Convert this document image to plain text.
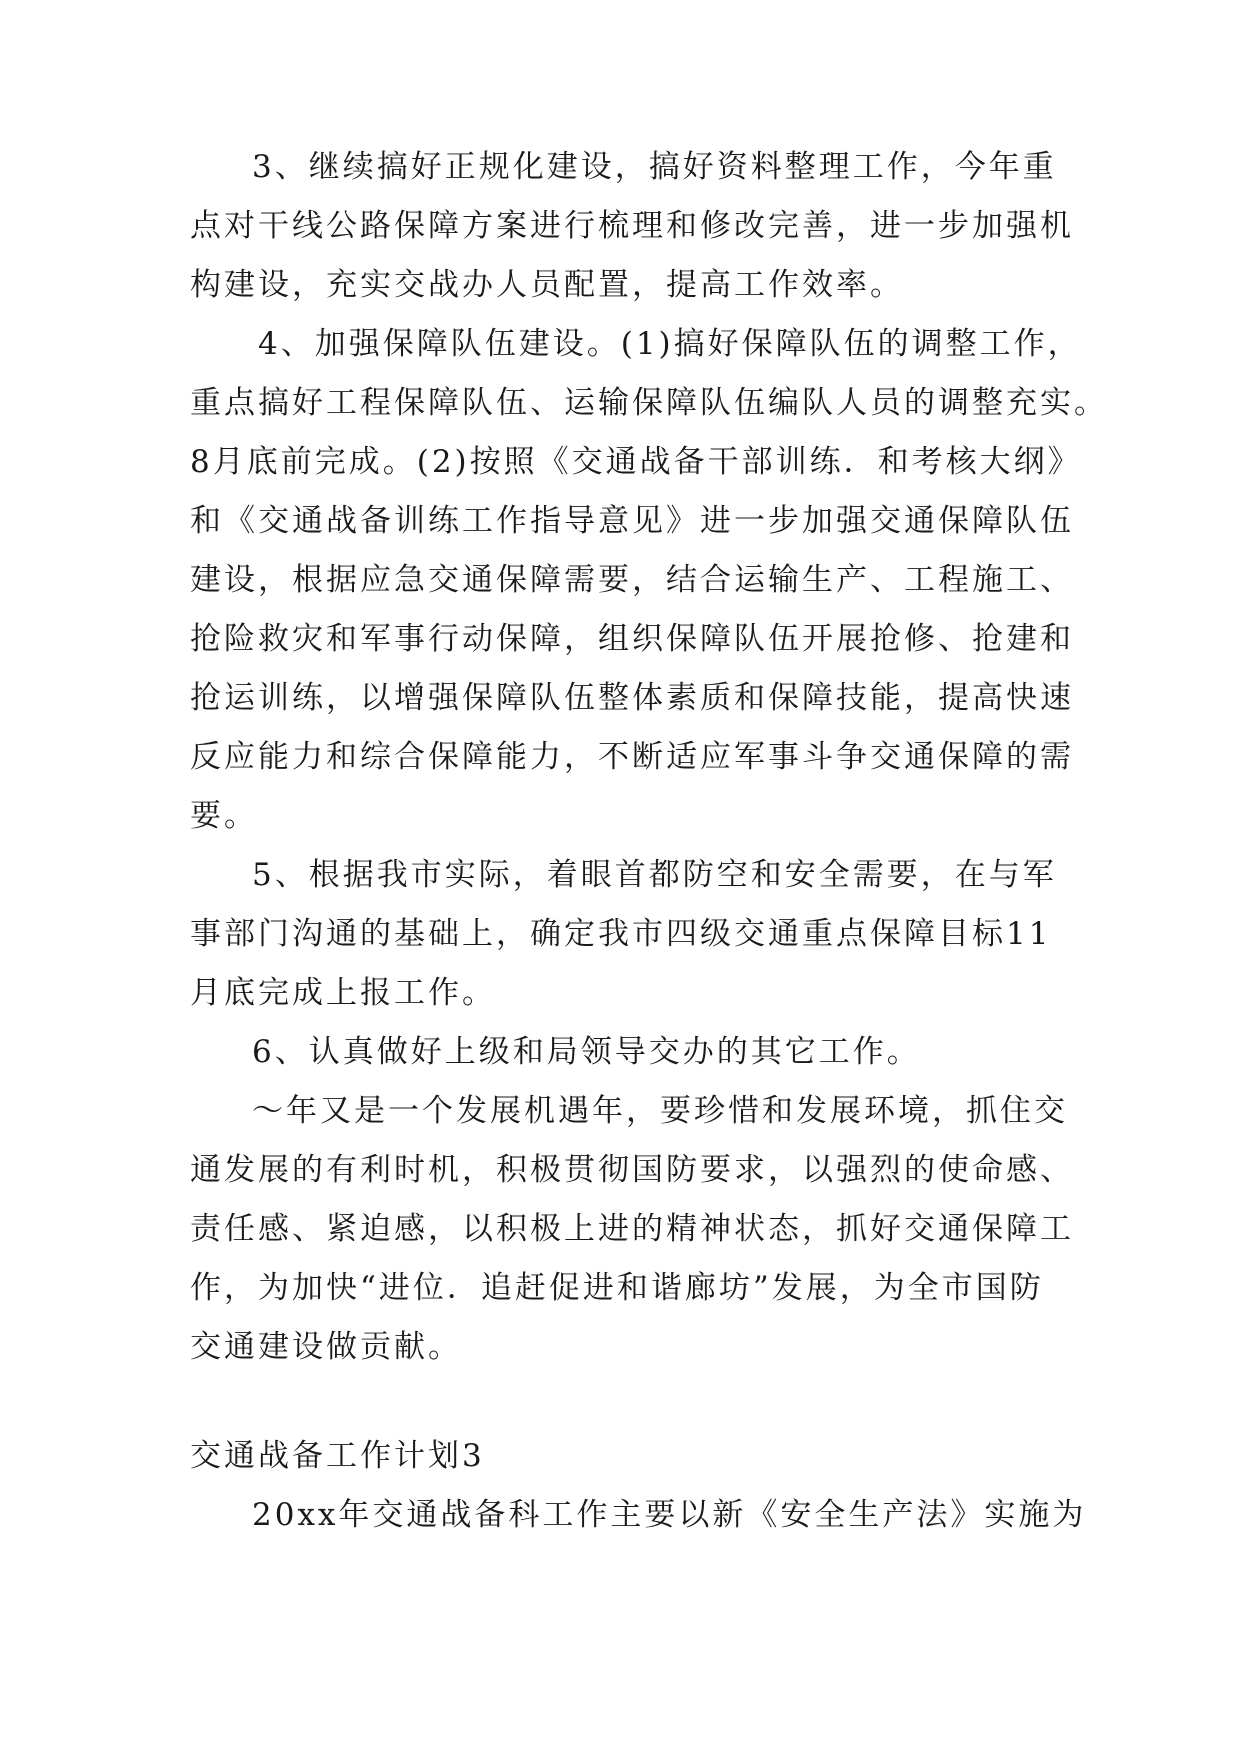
3、继续搞好正规化建设，搞好资料整理工作，今年重
点对干线公路保障方案进行梳理和修改完善，进一步加强机
构建设，充实交战办人员配置，提高工作效率。

4、加强保障队伍建设。(1)搞好保障队伍的调整工作，
重点搞好工程保障队伍、运输保障队伍编队人员的调整充实。
8月底前完成。(2)按照《交通战备干部训练．和考核大纲》
和《交通战备训练工作指导意见》进一步加强交通保障队伍
建设，根据应急交通保障需要，结合运输生产、工程施工、
抢险救灾和军事行动保障，组织保障队伍开展抢修、抢建和
抢运训练，以增强保障队伍整体素质和保障技能，提高快速
反应能力和综合保障能力，不断适应军事斗争交通保障的需
要。

5、根据我市实际，着眼首都防空和安全需要，在与军
事部门沟通的基础上，确定我市四级交通重点保障目标11
月底完成上报工作。

6、认真做好上级和局领导交办的其它工作。

～年又是一个发展机遇年，要珍惜和发展环境，抓住交
通发展的有利时机，积极贯彻国防要求，以强烈的使命感、
责任感、紧迫感，以积极上进的精神状态，抓好交通保障工
作，为加快“进位．追赶促进和谐廊坊”发展，为全市国防
交通建设做贡献。

交通战备工作计划3

20xx年交通战备科工作主要以新《安全生产法》实施为
